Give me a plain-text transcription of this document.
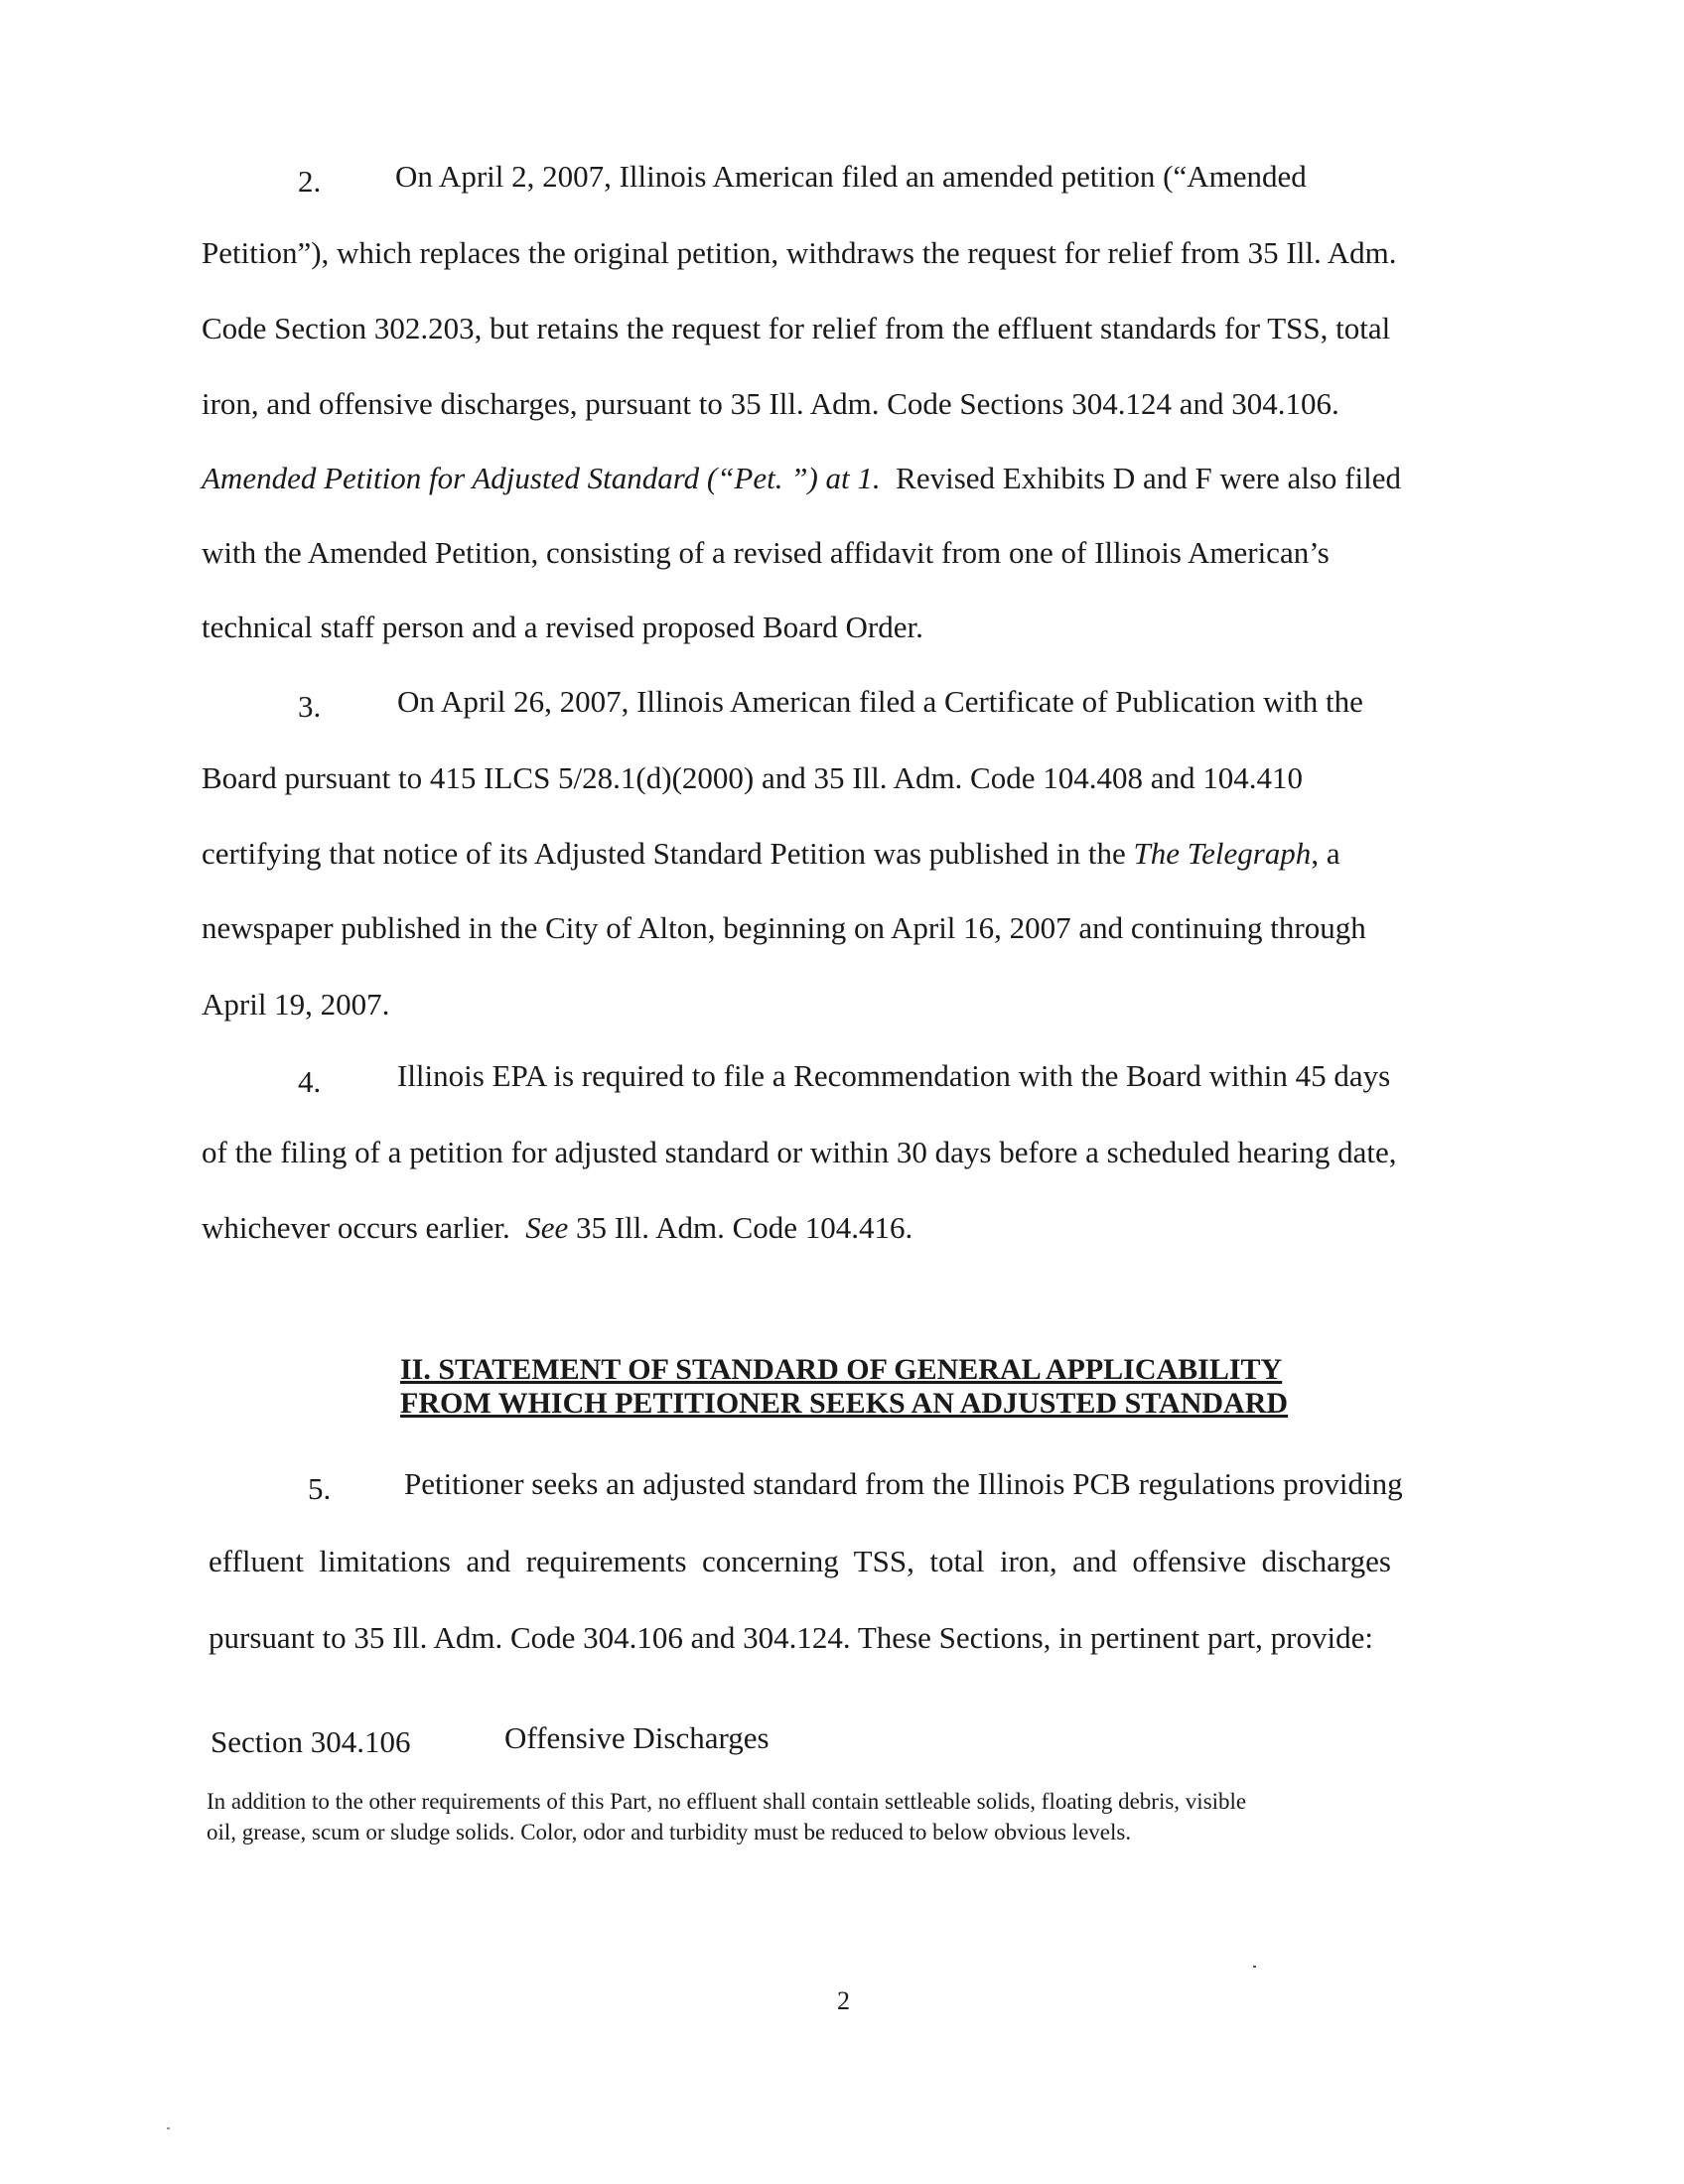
2. On April 2, 2007, Illinois American filed an amended petition (“Amended
Petition”), which replaces the original petition, withdraws the request for relief from 35 Ill. Adm.
Code Section 302.203, but retains the request for relief from the effluent standards for TSS, total
iron, and offensive discharges, pursuant to 35 Ill. Adm. Code Sections 304.124 and 304.106.
Amended Petition for Adjusted Standard (“Pet. ”) at 1. Revised Exhibits D and F were also filed
with the Amended Petition, consisting of a revised affidavit from one of Illinois American’s
technical staff person and a revised proposed Board Order.
3. On April 26, 2007, Illinois American filed a Certificate of Publication with the
Board pursuant to 415 ILCS 5/28.1(d)(2000) and 35 Ill. Adm. Code 104.408 and 104.410
certifying that notice of its Adjusted Standard Petition was published in the The Telegraph, a
newspaper published in the City of Alton, beginning on April 16, 2007 and continuing through
April 19, 2007.
4. Illinois EPA is required to file a Recommendation with the Board within 45 days
of the filing of a petition for adjusted standard or within 30 days before a scheduled hearing date,
whichever occurs earlier.  See 35 Ill. Adm. Code 104.416.
II. STATEMENT OF STANDARD OF GENERAL APPLICABILITY
FROM WHICH PETITIONER SEEKS AN ADJUSTED STANDARD
5. Petitioner seeks an adjusted standard from the Illinois PCB regulations providing
effluent  limitations  and  requirements  concerning  TSS,  total  iron,  and  offensive  discharges
pursuant to 35 Ill. Adm. Code 304.106 and 304.124. These Sections, in pertinent part, provide:
Section 304.106	Offensive Discharges
In addition to the other requirements of this Part, no effluent shall contain settleable solids, floating debris, visible
oil, grease, scum or sludge solids. Color, odor and turbidity must be reduced to below obvious levels.
2
